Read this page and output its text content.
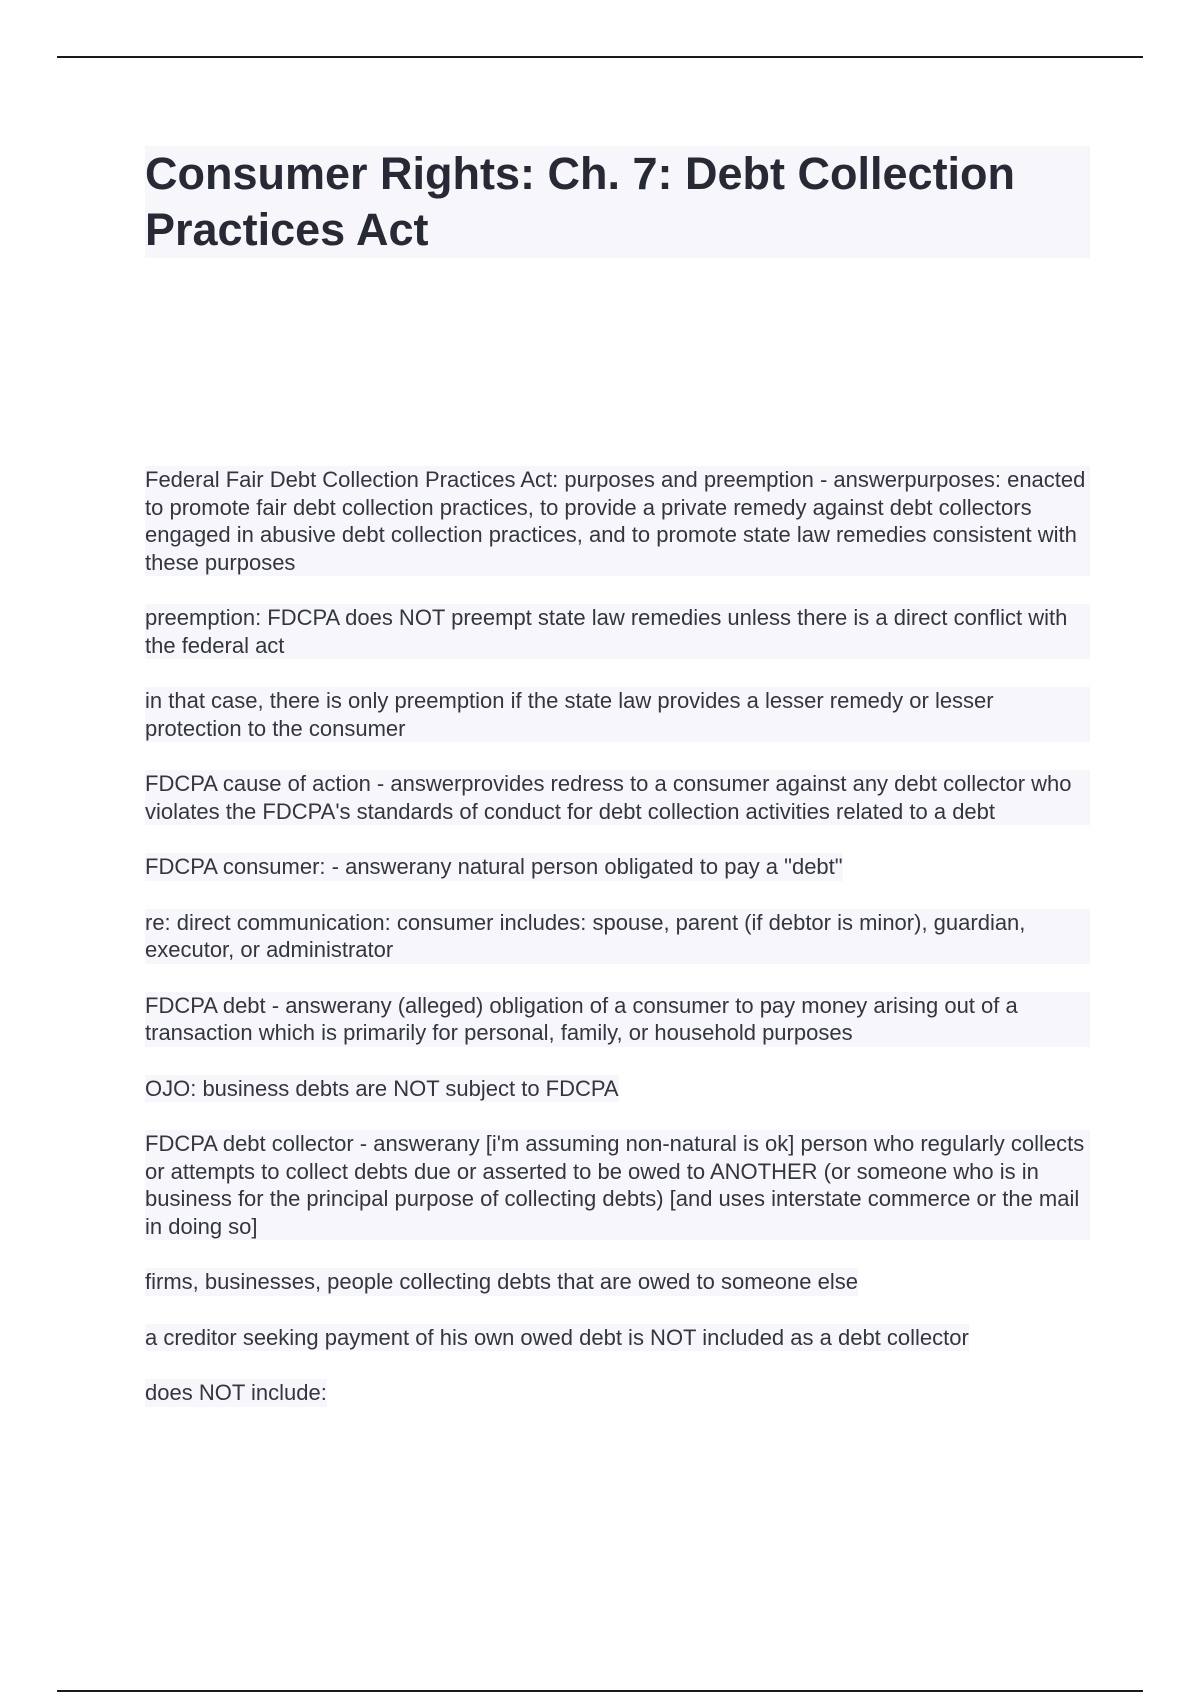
Consumer Rights: Ch. 7: Debt Collection Practices Act

Federal Fair Debt Collection Practices Act: purposes and preemption - answerpurposes: enacted to promote fair debt collection practices, to provide a private remedy against debt collectors engaged in abusive debt collection practices, and to promote state law remedies consistent with these purposes

preemption: FDCPA does NOT preempt state law remedies unless there is a direct conflict with the federal act

in that case, there is only preemption if the state law provides a lesser remedy or lesser protection to the consumer

FDCPA cause of action - answerprovides redress to a consumer against any debt collector who violates the FDCPA's standards of conduct for debt collection activities related to a debt

FDCPA consumer: - answerany natural person obligated to pay a "debt"

re: direct communication: consumer includes: spouse, parent (if debtor is minor), guardian, executor, or administrator

FDCPA debt - answerany (alleged) obligation of a consumer to pay money arising out of a transaction which is primarily for personal, family, or household purposes

OJO: business debts are NOT subject to FDCPA

FDCPA debt collector - answerany [i'm assuming non-natural is ok] person who regularly collects or attempts to collect debts due or asserted to be owed to ANOTHER (or someone who is in business for the principal purpose of collecting debts) [and uses interstate commerce or the mail in doing so]

firms, businesses, people collecting debts that are owed to someone else

a creditor seeking payment of his own owed debt is NOT included as a debt collector

does NOT include:
